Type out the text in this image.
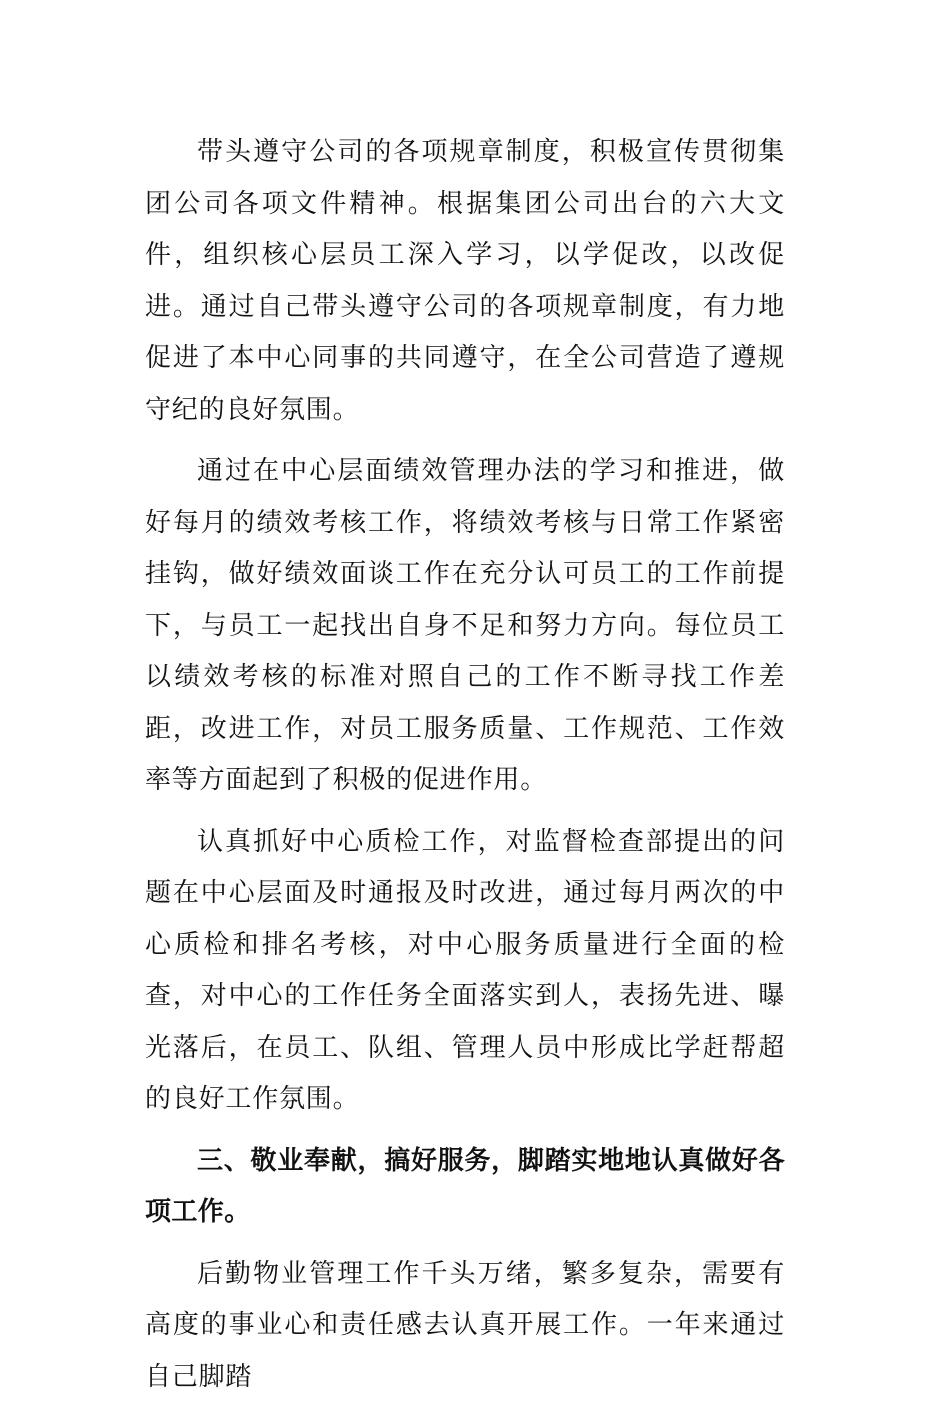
带头遵守公司的各项规章制度，积极宣传贯彻集团公司各项文件精神。根据集团公司出台的六大文件，组织核心层员工深入学习，以学促改，以改促进。通过自己带头遵守公司的各项规章制度，有力地促进了本中心同事的共同遵守，在全公司营造了遵规守纪的良好氛围。

通过在中心层面绩效管理办法的学习和推进，做好每月的绩效考核工作，将绩效考核与日常工作紧密挂钩，做好绩效面谈工作在充分认可员工的工作前提下，与员工一起找出自身不足和努力方向。每位员工以绩效考核的标准对照自己的工作不断寻找工作差距，改进工作，对员工服务质量、工作规范、工作效率等方面起到了积极的促进作用。

认真抓好中心质检工作，对监督检查部提出的问题在中心层面及时通报及时改进，通过每月两次的中心质检和排名考核，对中心服务质量进行全面的检查，对中心的工作任务全面落实到人，表扬先进、曝光落后，在员工、队组、管理人员中形成比学赶帮超的良好工作氛围。

三、敬业奉献，搞好服务，脚踏实地地认真做好各项工作。

后勤物业管理工作千头万绪，繁多复杂，需要有高度的事业心和责任感去认真开展工作。一年来通过自己脚踏
